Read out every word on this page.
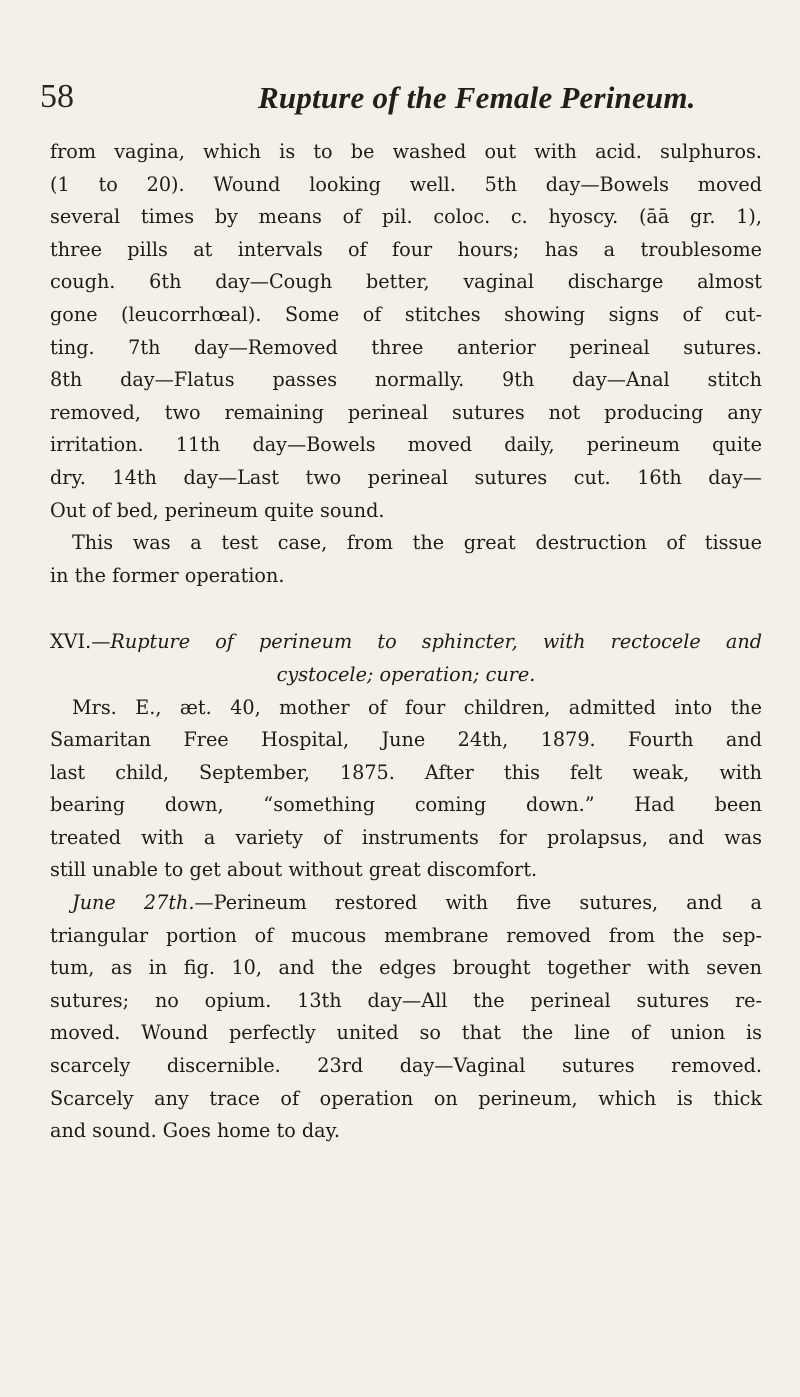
58	Rupture of the Female Perineum.
from vagina, which is to be washed out with acid. sulphuros.
(1 to 20). Wound looking well. 5th day—Bowels moved
several times by means of pil. coloc. c. hyoscy. (āā gr. 1),
three pills at intervals of four hours; has a troublesome
cough. 6th day—Cough better, vaginal discharge almost
gone (leucorrhœal). Some of stitches showing signs of cut-
ting. 7th day—Removed three anterior perineal sutures.
8th day—Flatus passes normally. 9th day—Anal stitch
removed, two remaining perineal sutures not producing any
irritation. 11th day—Bowels moved daily, perineum quite
dry. 14th day—Last two perineal sutures cut. 16th day—
Out of bed, perineum quite sound.
This was a test case, from the great destruction of tissue
in the former operation.
XVI.—Rupture of perineum to sphincter, with rectocele and
cystocele; operation; cure.
Mrs. E., æt. 40, mother of four children, admitted into the
Samaritan Free Hospital, June 24th, 1879. Fourth and
last child, September, 1875. After this felt weak, with
bearing down, “something coming down.” Had been
treated with a variety of instruments for prolapsus, and was
still unable to get about without great discomfort.
June 27th.—Perineum restored with five sutures, and a
triangular portion of mucous membrane removed from the sep-
tum, as in fig. 10, and the edges brought together with seven
sutures; no opium. 13th day—All the perineal sutures re-
moved. Wound perfectly united so that the line of union is
scarcely discernible. 23rd day—Vaginal sutures removed.
Scarcely any trace of operation on perineum, which is thick
and sound. Goes home to day.
